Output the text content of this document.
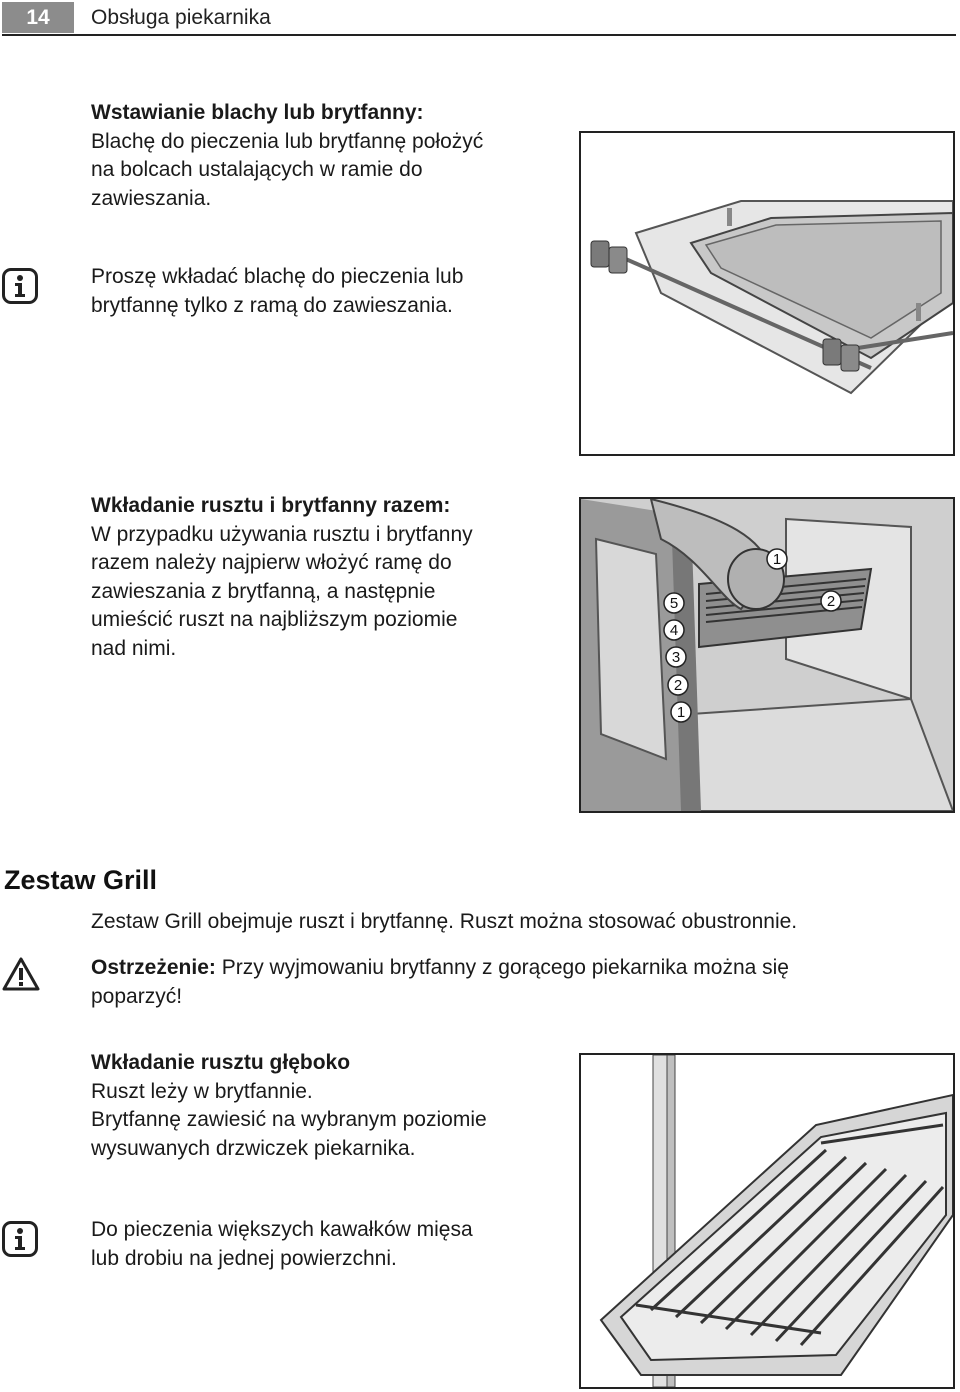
14	Obsługa piekarnika
Wstawianie blachy lub brytfanny:
Blachę do pieczenia lub brytfannę położyć
na bolcach ustalających w ramie do
zawieszania.
Proszę wkładać blachę do pieczenia lub
brytfannę tylko z ramą do zawieszania.
Wkładanie rusztu i brytfanny razem:
W przypadku używania rusztu i brytfanny
razem należy najpierw włożyć ramę do
zawieszania z brytfanną, a następnie
umieścić ruszt na najbliższym poziomie
nad nimi.
5
4
3
2
1
1
2
Zestaw Grill
Zestaw Grill obejmuje ruszt i brytfannę. Ruszt można stosować obustronnie.
Ostrzeżenie: Przy wyjmowaniu brytfanny z gorącego piekarnika można się
poparzyć!
Wkładanie rusztu głęboko
Ruszt leży w brytfannie.
Brytfannę zawiesić na wybranym poziomie
wysuwanych drzwiczek piekarnika.
Do pieczenia większych kawałków mięsa
lub drobiu na jednej powierzchni.
